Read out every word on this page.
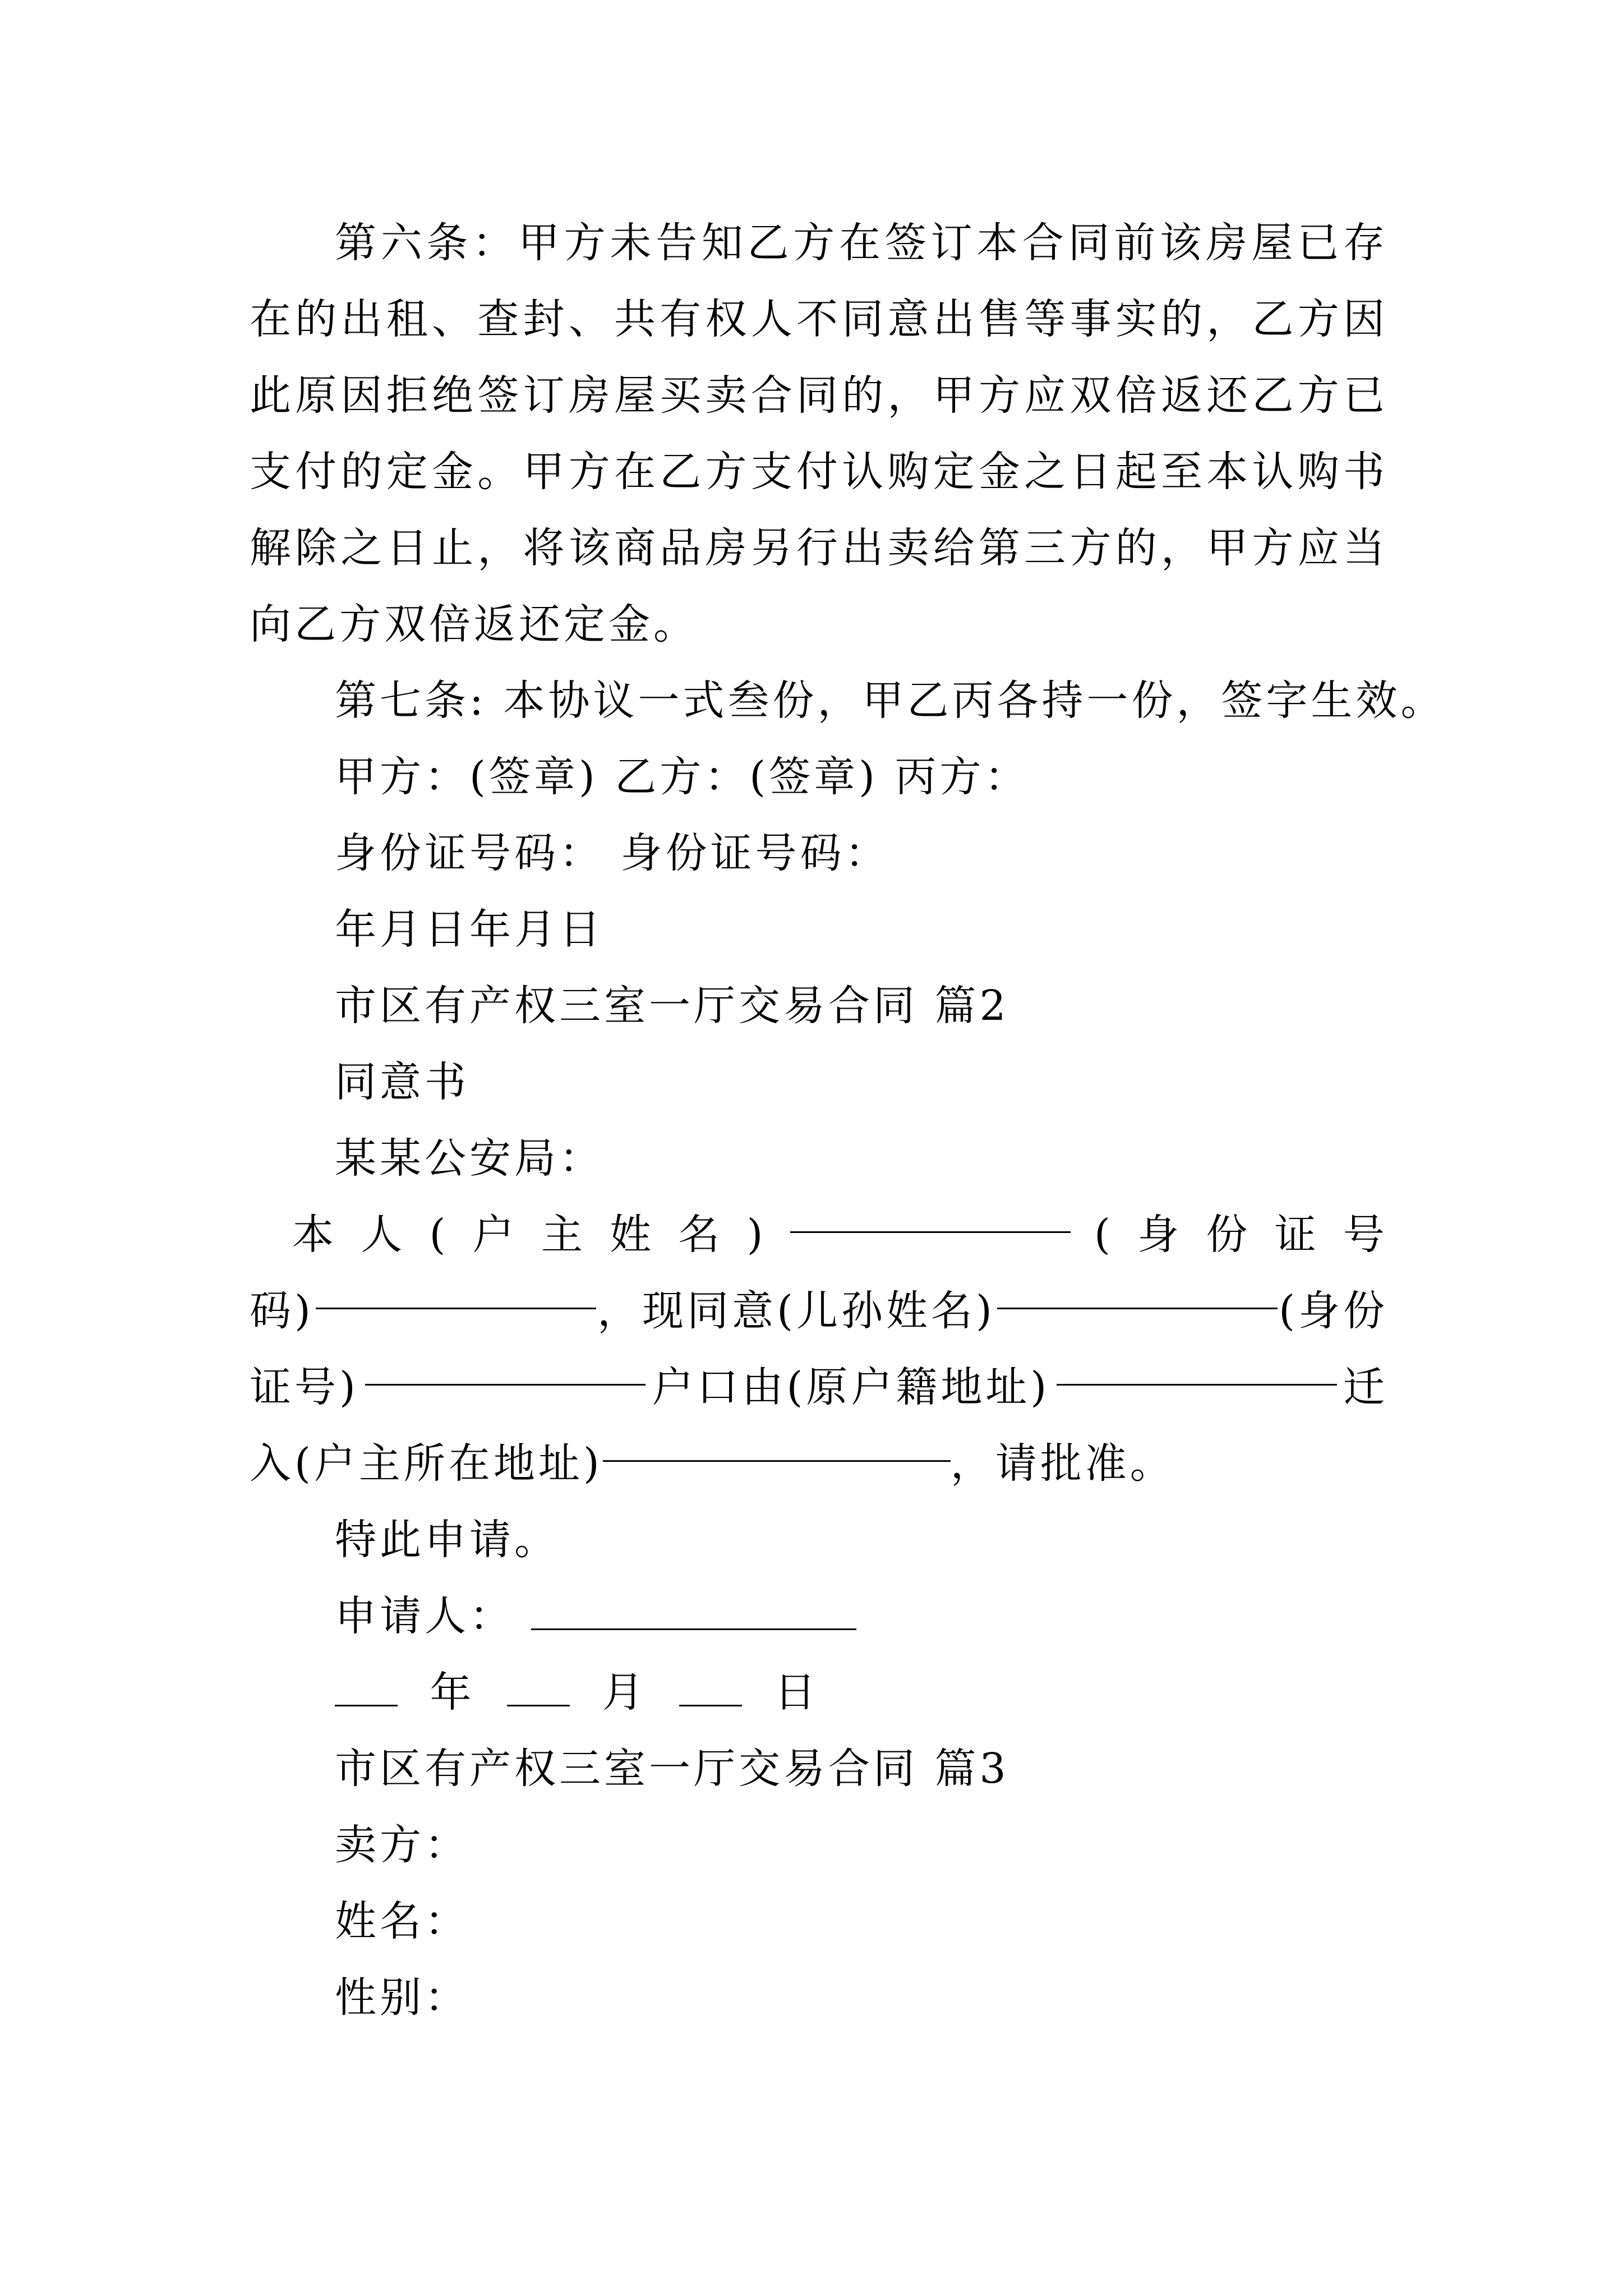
第六条：甲方未告知乙方在签订本合同前该房屋已存在的出租、查封、共有权人不同意出售等事实的，乙方因此原因拒绝签订房屋买卖合同的，甲方应双倍返还乙方已支付的定金。甲方在乙方支付认购定金之日起至本认购书解除之日止，将该商品房另行出卖给第三方的，甲方应当向乙方双倍返还定金。

第七条: 本协议一式叁份，甲乙丙各持一份，签字生效。

甲方：(签章) 乙方：(签章) 丙方：

身份证号码： 身份证号码：

年月日年月日

市区有产权三室一厅交易合同 篇2

同意书

某某公安局：

本 人 ( 户 主 姓 名 )	( 身 份 证 号
码)	，现同意(儿孙姓名)	(身份
证号)	户口由(原户籍地址)	迁
入(户主所在地址)	，请批准。

特此申请。

申请人：

年	月	日

市区有产权三室一厅交易合同 篇3

卖方：

姓名：

性别：
